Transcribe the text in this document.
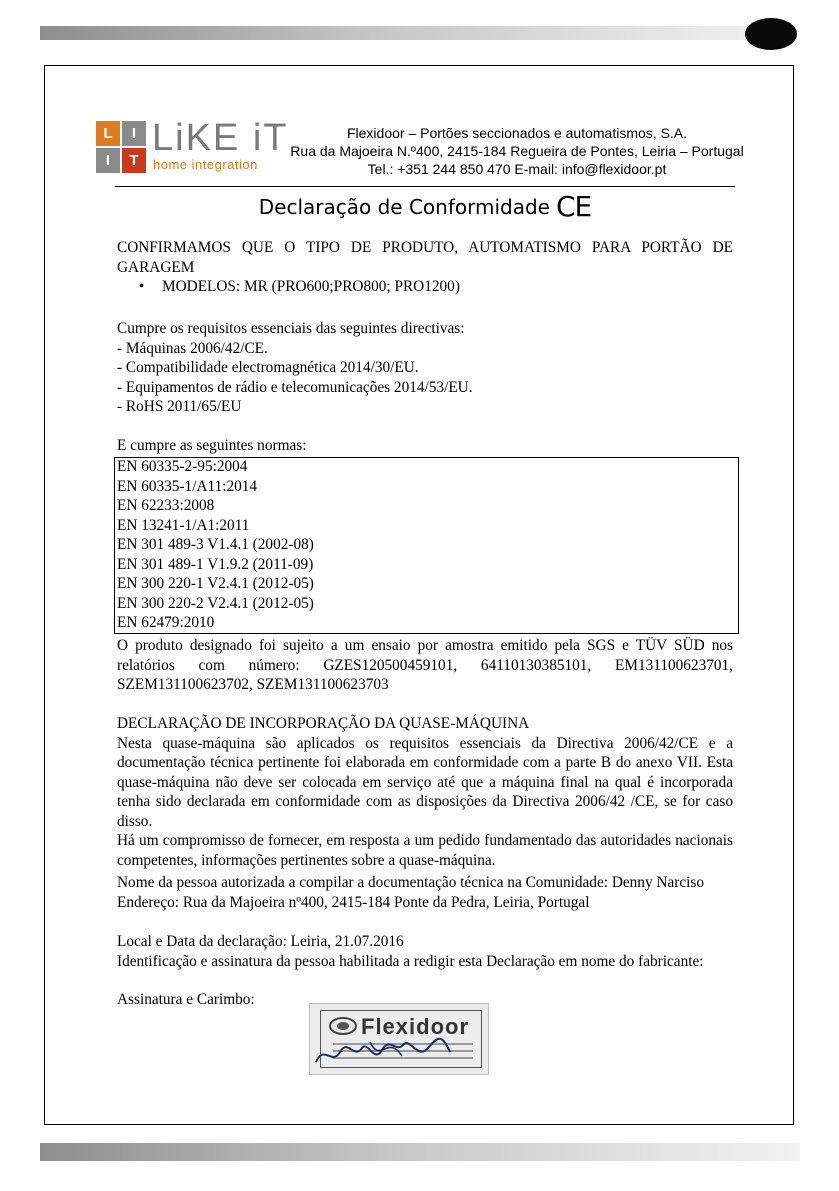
L	I
I	T
LiKE iT
home integration
Flexidoor – Portões seccionados e automatismos, S.A.
Rua da Majoeira N.º400, 2415-184 Regueira de Pontes, Leiria – Portugal
Tel.: +351 244 850 470 E-mail: info@flexidoor.pt
Declaração de Conformidade CE
CONFIRMAMOS QUE O TIPO DE PRODUTO, AUTOMATISMO PARA PORTÃO DE
GARAGEM
• MODELOS: MR (PRO600;PRO800; PRO1200)
Cumpre os requisitos essenciais das seguintes directivas:
- Máquinas 2006/42/CE.
- Compatibilidade electromagnética 2014/30/EU.
- Equipamentos de rádio e telecomunicações 2014/53/EU.
- RoHS 2011/65/EU
E cumpre as seguintes normas:
EN 60335-2-95:2004
EN 60335-1/A11:2014
EN 62233:2008
EN 13241-1/A1:2011
EN 301 489-3 V1.4.1 (2002-08)
EN 301 489-1 V1.9.2 (2011-09)
EN 300 220-1 V2.4.1 (2012-05)
EN 300 220-2 V2.4.1 (2012-05)
EN 62479:2010
O produto designado foi sujeito a um ensaio por amostra emitido pela SGS e TÜV SÜD nos
relatórios com número: GZES120500459101, 64110130385101, EM131100623701,
SZEM131100623702, SZEM131100623703
DECLARAÇÃO DE INCORPORAÇÃO DA QUASE-MÁQUINA
Nesta quase-máquina são aplicados os requisitos essenciais da Directiva 2006/42/CE e a documentação técnica pertinente foi elaborada em conformidade com a parte B do anexo VII. Esta quase-máquina não deve ser colocada em serviço até que a máquina final na qual é incorporada tenha sido declarada em conformidade com as disposições da Directiva 2006/42 /CE, se for caso disso.
Há um compromisso de fornecer, em resposta a um pedido fundamentado das autoridades nacionais competentes, informações pertinentes sobre a quase-máquina.
Nome da pessoa autorizada a compilar a documentação técnica na Comunidade: Denny Narciso
Endereço: Rua da Majoeira nº400, 2415-184 Ponte da Pedra, Leiria, Portugal
Local e Data da declaração: Leiria, 21.07.2016
Identificação e assinatura da pessoa habilitada a redigir esta Declaração em nome do fabricante:
Assinatura e Carimbo:
Flexidoor
